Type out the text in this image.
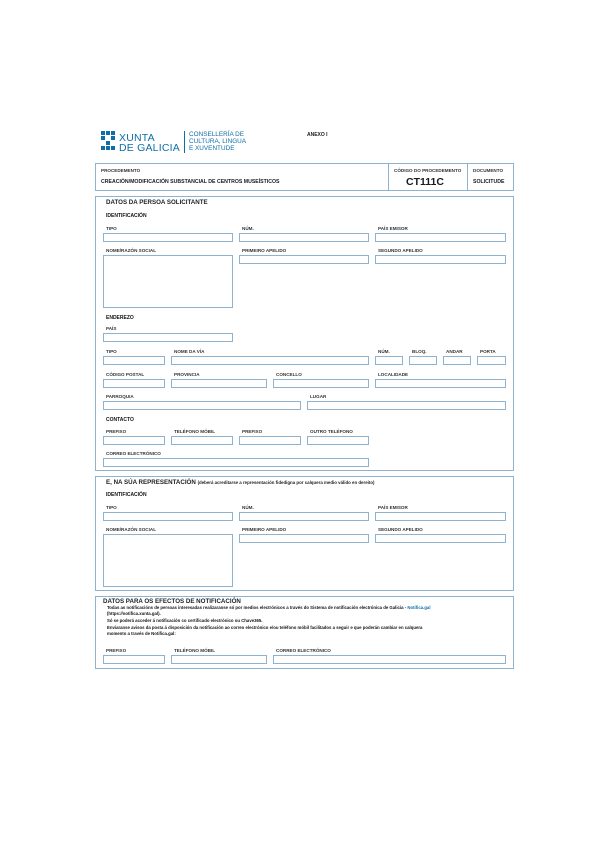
XUNTA
DE GALICIA
CONSELLERÍA DE
CULTURA, LINGUA
E XUVENTUDE
ANEXO I
PROCEDEMENTO
CREACIÓN/MODIFICACIÓN SUBSTANCIAL DE CENTROS MUSEÍSTICOS
CÓDIGO DO PROCEDEMENTO
CT111C
DOCUMENTO
SOLICITUDE
DATOS DA PERSOA SOLICITANTE
IDENTIFICACIÓN
TIPO	NÚM.	PAÍS EMISOR
NOME/RAZÓN SOCIAL	PRIMEIRO APELIDO	SEGUNDO APELIDO
ENDEREZO
PAÍS
TIPO	NOME DA VÍA	NÚM.	BLOQ.	ANDAR	PORTA
CÓDIGO POSTAL	PROVINCIA	CONCELLO	LOCALIDADE
PARROQUIA	LUGAR
CONTACTO
PREFIXO	TELÉFONO MÓBIL	PREFIXO	OUTRO TELÉFONO
CORREO ELECTRÓNICO
E, NA SÚA REPRESENTACIÓN (deberá acreditarse a representación fidedigna por calquera medio válido en dereito)
IDENTIFICACIÓN
TIPO	NÚM.	PAÍS EMISOR
NOME/RAZÓN SOCIAL	PRIMEIRO APELIDO	SEGUNDO APELIDO
DATOS PARA OS EFECTOS DE NOTIFICACIÓN
Todas as notificacións de persoas interesadas realizaranse só por medios electrónicos a través do Sistema de notificación electrónica de Galicia - Notifica.gal
(https://notifica.xunta.gal).
Só se poderá acceder á notificación co certificado electrónico ou Chave365.
Enviaranse avisos da posta á disposición da notificación ao correo electrónico e/ou teléfono móbil facilitados a seguir e que poderán cambiar en calquera
momento a través de Notifica.gal:
PREFIXO	TELÉFONO MÓBIL	CORREO ELECTRÓNICO
